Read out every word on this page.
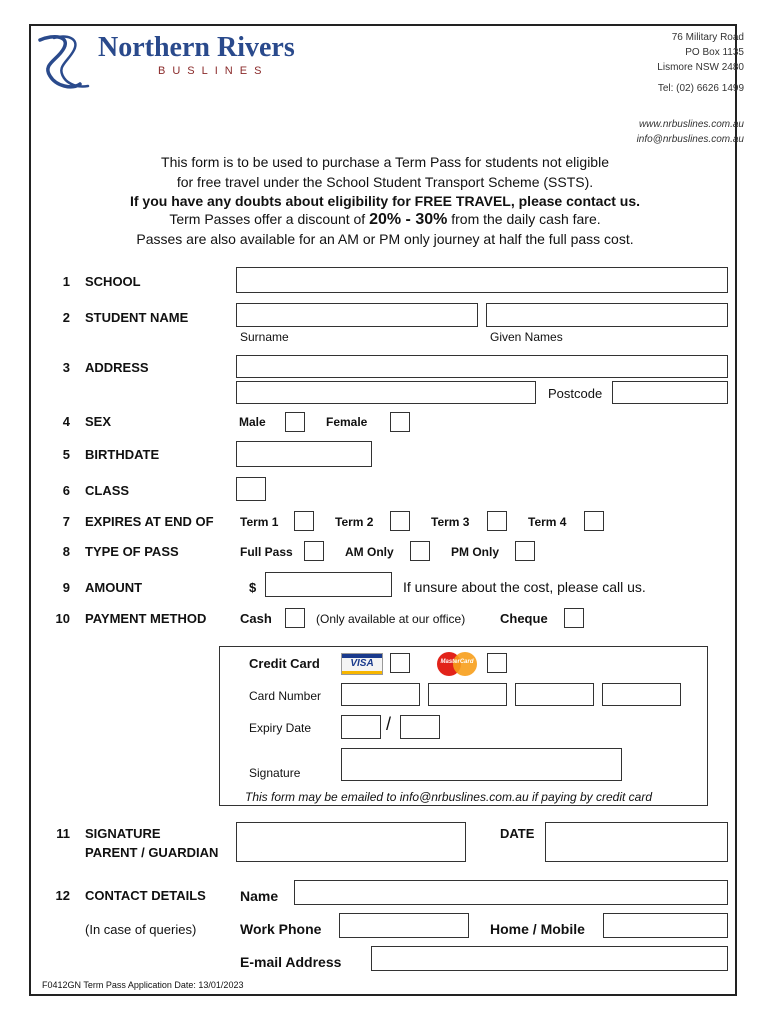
Northern Rivers
BUSLINES
76 Military Road
PO Box 1135
Lismore NSW 2480
Tel: (02) 6626 1499
www.nrbuslines.com.au
info@nrbuslines.com.au
This form is to be used to purchase a Term Pass for students not eligible
for free travel under the School Student Transport Scheme (SSTS).
If you have any doubts about eligibility for FREE TRAVEL, please contact us.
Term Passes offer a discount of 20% - 30% from the daily cash fare.
Passes are also available for an AM or PM only journey at half the full pass cost.
1 SCHOOL
2 STUDENT NAME
Surname	Given Names
3 ADDRESS
Postcode
4 SEX	Male	Female
5 BIRTHDATE
6 CLASS
7 EXPIRES AT END OF Term 1	Term 2	Term 3	Term 4
8 TYPE OF PASS	Full Pass	AM Only	PM Only
9 AMOUNT	$	If unsure about the cost, please call us.
10 PAYMENT METHOD	Cash	(Only available at our office)	Cheque
Credit Card	VISA	MasterCard
Card Number
Expiry Date	/
Signature
This form may be emailed to info@nrbuslines.com.au if paying by credit card
11 SIGNATURE
PARENT / GUARDIAN
DATE
12 CONTACT DETAILS Name
(In case of queries)	Work Phone	Home / Mobile
E-mail Address
F0412GN Term Pass Application Date: 13/01/2023
